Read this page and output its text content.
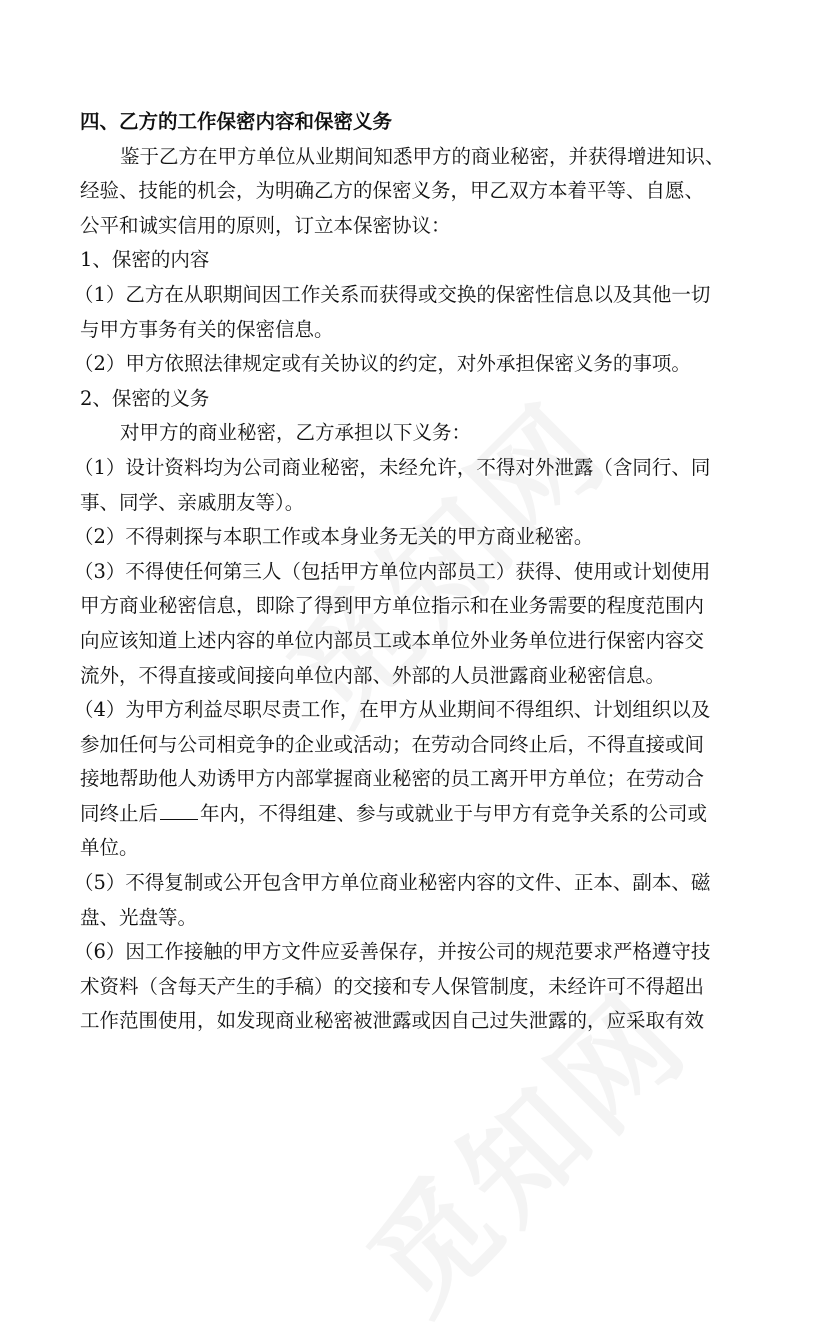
四、乙方的工作保密内容和保密义务
鉴于乙方在甲方单位从业期间知悉甲方的商业秘密，并获得增进知识、
经验、技能的机会，为明确乙方的保密义务，甲乙双方本着平等、自愿、
公平和诚实信用的原则，订立本保密协议：
1、保密的内容
（1）乙方在从职期间因工作关系而获得或交换的保密性信息以及其他一切
与甲方事务有关的保密信息。
（2）甲方依照法律规定或有关协议的约定，对外承担保密义务的事项。
2、保密的义务
对甲方的商业秘密，乙方承担以下义务：
（1）设计资料均为公司商业秘密，未经允许，不得对外泄露（含同行、同
事、同学、亲戚朋友等）。
（2）不得刺探与本职工作或本身业务无关的甲方商业秘密。
（3）不得使任何第三人（包括甲方单位内部员工）获得、使用或计划使用
甲方商业秘密信息，即除了得到甲方单位指示和在业务需要的程度范围内
向应该知道上述内容的单位内部员工或本单位外业务单位进行保密内容交
流外，不得直接或间接向单位内部、外部的人员泄露商业秘密信息。
（4）为甲方利益尽职尽责工作，在甲方从业期间不得组织、计划组织以及
参加任何与公司相竞争的企业或活动；在劳动合同终止后，不得直接或间
接地帮助他人劝诱甲方内部掌握商业秘密的员工离开甲方单位；在劳动合
同终止后 年内，不得组建、参与或就业于与甲方有竞争关系的公司或
单位。
（5）不得复制或公开包含甲方单位商业秘密内容的文件、正本、副本、磁
盘、光盘等。
（6）因工作接触的甲方文件应妥善保存，并按公司的规范要求严格遵守技
术资料（含每天产生的手稿）的交接和专人保管制度，未经许可不得超出
工作范围使用，如发现商业秘密被泄露或因自己过失泄露的，应采取有效
